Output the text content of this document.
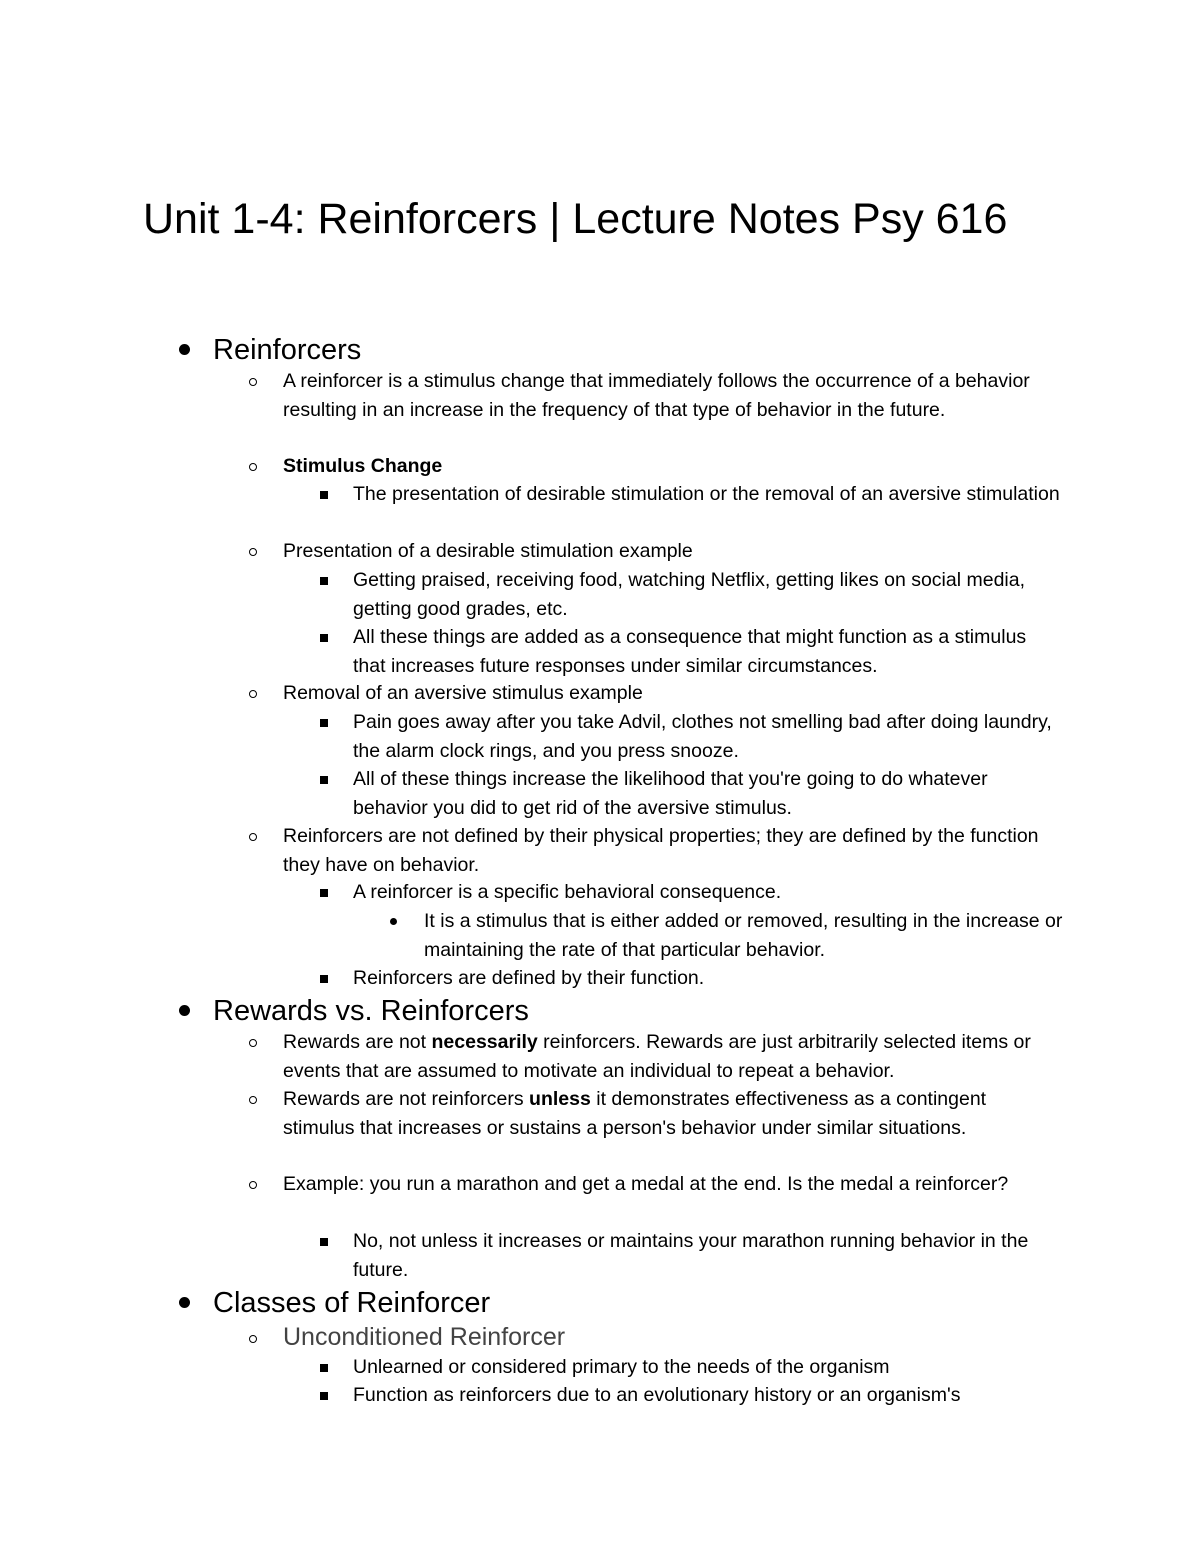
Unit 1-4: Reinforcers | Lecture Notes Psy 616
Reinforcers
A reinforcer is a stimulus change that immediately follows the occurrence of a behavior resulting in an increase in the frequency of that type of behavior in the future.
Stimulus Change
The presentation of desirable stimulation or the removal of an aversive stimulation
Presentation of a desirable stimulation example
Getting praised, receiving food, watching Netflix, getting likes on social media, getting good grades, etc.
All these things are added as a consequence that might function as a stimulus that increases future responses under similar circumstances.
Removal of an aversive stimulus example
Pain goes away after you take Advil, clothes not smelling bad after doing laundry, the alarm clock rings, and you press snooze.
All of these things increase the likelihood that you're going to do whatever behavior you did to get rid of the aversive stimulus.
Reinforcers are not defined by their physical properties; they are defined by the function they have on behavior.
A reinforcer is a specific behavioral consequence.
It is a stimulus that is either added or removed, resulting in the increase or maintaining the rate of that particular behavior.
Reinforcers are defined by their function.
Rewards vs. Reinforcers
Rewards are not necessarily reinforcers. Rewards are just arbitrarily selected items or events that are assumed to motivate an individual to repeat a behavior.
Rewards are not reinforcers unless it demonstrates effectiveness as a contingent stimulus that increases or sustains a person's behavior under similar situations.
Example: you run a marathon and get a medal at the end. Is the medal a reinforcer?
No, not unless it increases or maintains your marathon running behavior in the future.
Classes of Reinforcer
Unconditioned Reinforcer
Unlearned or considered primary to the needs of the organism
Function as reinforcers due to an evolutionary history or an organism's
